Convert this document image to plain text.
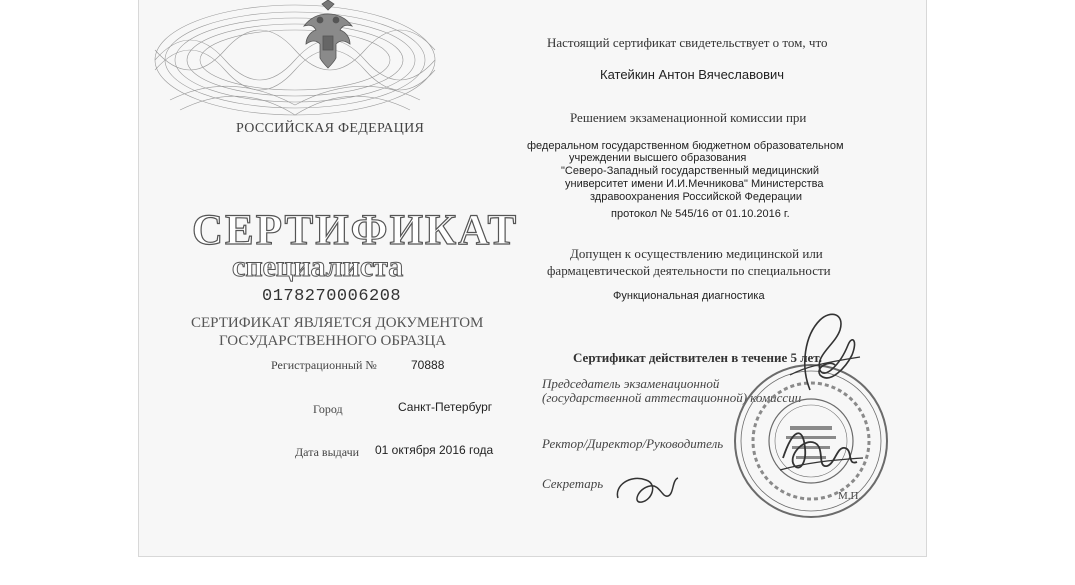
РОССИЙСКАЯ ФЕДЕРАЦИЯ
СЕРТИФИКАТ
специалиста
0178270006208
СЕРТИФИКАТ ЯВЛЯЕТСЯ ДОКУМЕНТОМ
ГОСУДАРСТВЕННОГО ОБРАЗЦА
Регистрационный №	70888
Город	Санкт-Петербург
Дата выдачи 01 октября 2016 года
Настоящий сертификат свидетельствует о том, что
Катейкин Антон Вячеславович
Решением экзаменационной комиссии при
федеральном государственном бюджетном образовательном
учреждении высшего образования
"Северо-Западный государственный медицинский
университет имени И.И.Мечникова" Министерства
здравоохранения Российской Федерации
протокол № 545/16 от 01.10.2016 г.
Допущен к осуществлению медицинской или
фармацевтической деятельности по специальности
Функциональная диагностика
Сертификат действителен в течение 5 лет.
Председатель экзаменационной
(государственной аттестационной) комиссии
Ректор/Директор/Руководитель
Секретарь
М.П.
